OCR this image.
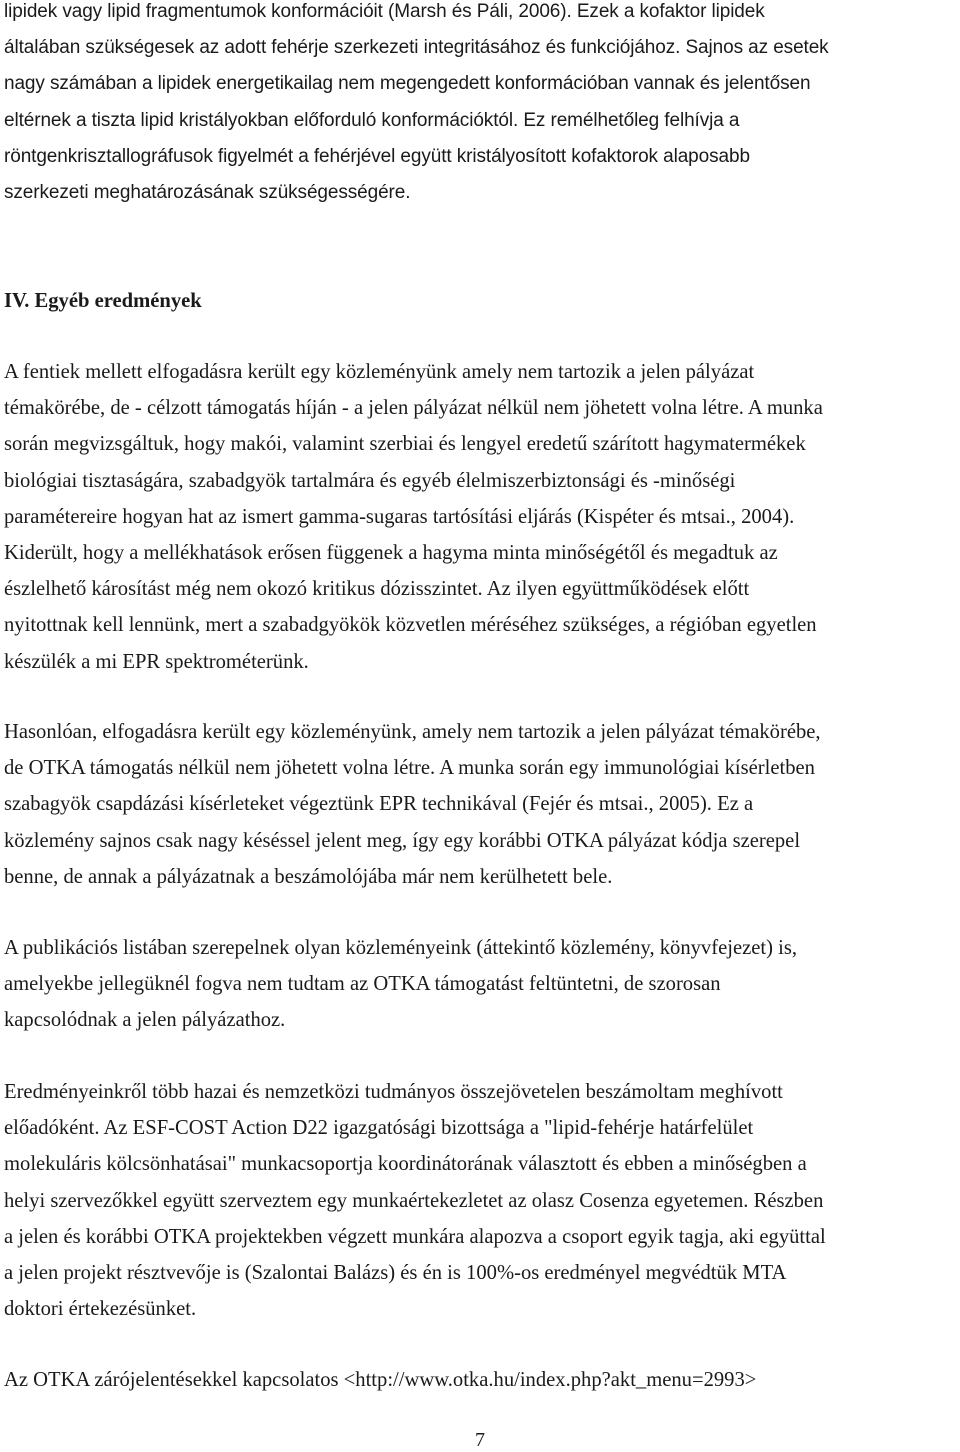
lipidek vagy lipid fragmentumok konformációit (Marsh és Páli, 2006). Ezek a kofaktor lipidek
általában szükségesek az adott fehérje szerkezeti integritásához és funkciójához. Sajnos az esetek
nagy számában a lipidek energetikailag nem megengedett konformációban vannak és jelentősen
eltérnek a tiszta lipid kristályokban előforduló konformációktól. Ez remélhetőleg felhívja a
röntgenkrisztallográfusok figyelmét a fehérjével együtt kristályosított kofaktorok alaposabb
szerkezeti meghatározásának szükségességére.
IV. Egyéb eredmények
A fentiek mellett elfogadásra került egy közleményünk amely nem tartozik a jelen pályázat
témakörébe, de - célzott támogatás híján - a jelen pályázat nélkül nem jöhetett volna létre. A munka
során megvizsgáltuk, hogy makói, valamint szerbiai és lengyel eredetű szárított hagymatermékek
biológiai tisztaságára, szabadgyök tartalmára és egyéb élelmiszerbiztonsági és -minőségi
paramétereire hogyan hat az ismert gamma-sugaras tartósítási eljárás (Kispéter és mtsai., 2004).
Kiderült, hogy a mellékhatások erősen függenek a hagyma minta minőségétől és megadtuk az
észlelhető károsítást még nem okozó kritikus dózisszintet. Az ilyen együttműködések előtt
nyitottnak kell lennünk, mert a szabadgyökök közvetlen méréséhez szükséges, a régióban egyetlen
készülék a mi EPR spektrométerünk.
Hasonlóan, elfogadásra került egy közleményünk, amely nem tartozik a jelen pályázat témakörébe,
de OTKA támogatás nélkül nem jöhetett volna létre. A munka során egy immunológiai kísérletben
szabagyök csapdázási kísérleteket végeztünk EPR technikával (Fejér és mtsai., 2005). Ez a
közlemény sajnos csak nagy késéssel jelent meg, így egy korábbi OTKA pályázat kódja szerepel
benne, de annak a pályázatnak a beszámolójába már nem kerülhetett bele.
A publikációs listában szerepelnek olyan közleményeink (áttekintő közlemény, könyvfejezet) is,
amelyekbe jellegüknél fogva nem tudtam az OTKA támogatást feltüntetni, de szorosan
kapcsolódnak a jelen pályázathoz.
Eredményeinkről több hazai és nemzetközi tudmányos összejövetelen beszámoltam meghívott
előadóként. Az ESF-COST Action D22 igazgatósági bizottsága a "lipid-fehérje határfelület
molekuláris kölcsönhatásai" munkacsoportja koordinátorának választott és ebben a minőségben a
helyi szervezőkkel együtt szerveztem egy munkaértekezletet az olasz Cosenza egyetemen. Részben
a jelen és korábbi OTKA projektekben végzett munkára alapozva a csoport egyik tagja, aki együttal
a jelen projekt résztvevője is (Szalontai Balázs) és én is 100%-os eredményel megvédtük MTA
doktori értekezésünket.
Az OTKA zárójelentésekkel kapcsolatos <http://www.otka.hu/index.php?akt_menu=2993>
7
